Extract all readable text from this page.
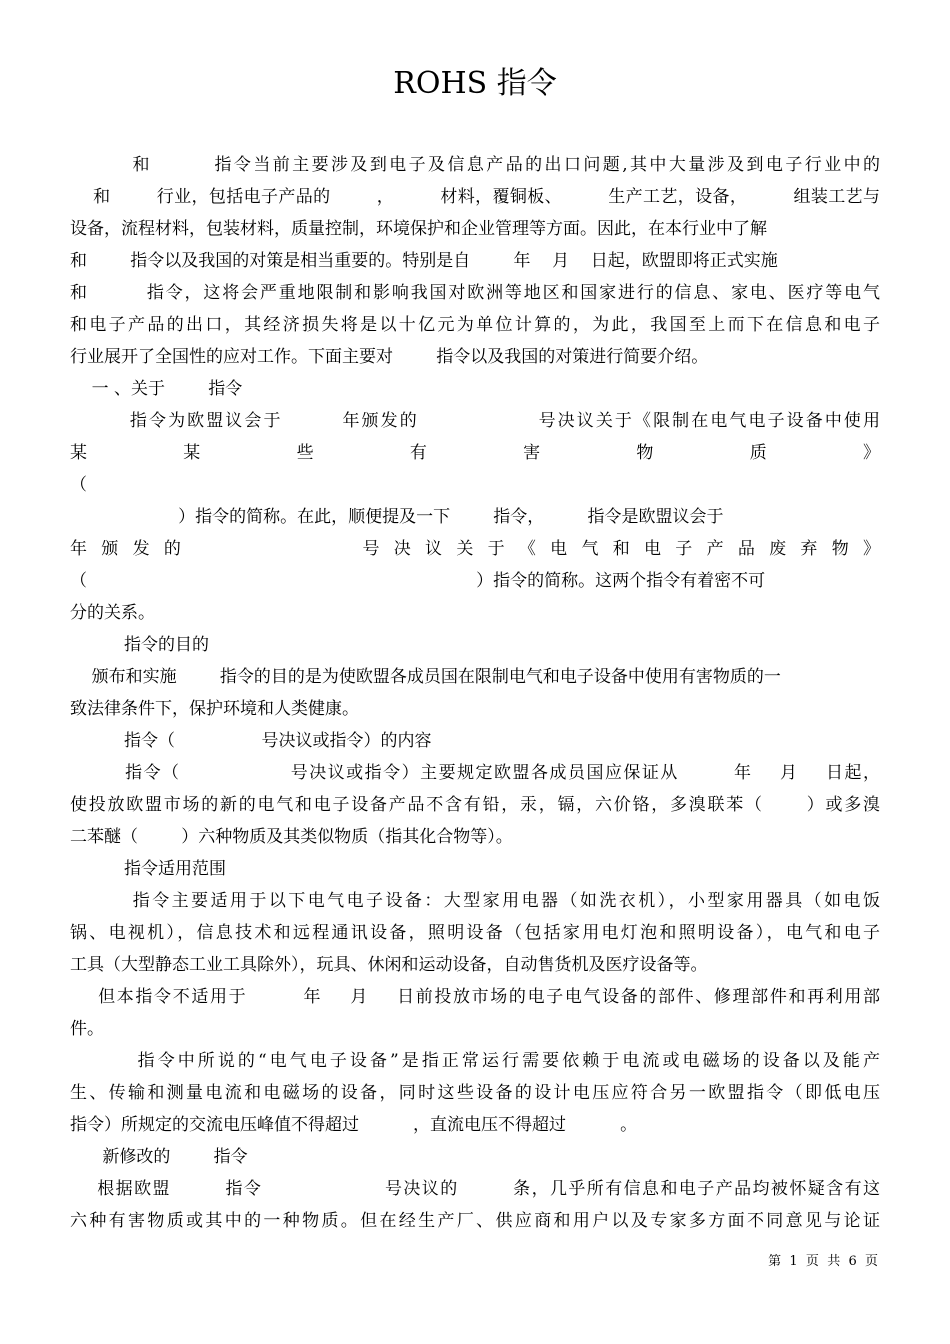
ROHS 指令
和        指令当前主要涉及到电子及信息产品的出口问题,其中大量涉及到电子行业中的
和        行业，包括电子产品的        ，        材料，覆铜板、        生产工艺，设备，        组装工艺与
设备，流程材料，包装材料，质量控制，环境保护和企业管理等方面。因此，在本行业中了解
和        指令以及我国的对策是相当重要的。特别是自        年    月    日起，欧盟即将正式实施
和        指令，这将会严重地限制和影响我国对欧洲等地区和国家进行的信息、家电、医疗等电气
和电子产品的出口，其经济损失将是以十亿元为单位计算的，为此，我国至上而下在信息和电子
行业展开了全国性的应对工作。下面主要对        指令以及我国的对策进行简要介绍。
一 、关于        指令
指令为欧盟议会于        年颁发的                号决议关于《限制在电气电子设备中使用
某 某 些 有 害 物 质 》
（
）指令的简称。在此，顺便提及一下        指令，        指令是欧盟议会于
年 颁 发 的                  号 决 议 关 于 《 电 气 和 电 子 产 品 废 弃 物 》
（                                                                        ）指令的简称。这两个指令有着密不可
分的关系。
指令的目的
颁布和实施        指令的目的是为使欧盟各成员国在限制电气和电子设备中使用有害物质的一
致法律条件下，保护环境和人类健康。
指令（                号决议或指令）的内容
指令（                号决议或指令）主要规定欧盟各成员国应保证从        年    月    日起，
使投放欧盟市场的新的电气和电子设备产品不含有铅，汞，镉，六价铬，多溴联苯（      ）或多溴
二苯醚（        ）六种物质及其类似物质（指其化合物等）。
指令适用范围
指令主要适用于以下电气电子设备：大型家用电器（如洗衣机），小型家用器具（如电饭
锅、电视机），信息技术和远程通讯设备，照明设备（包括家用电灯泡和照明设备），电气和电子
工具（大型静态工业工具除外），玩具、休闲和运动设备，自动售货机及医疗设备等。
但本指令不适用于        年    月    日前投放市场的电子电气设备的部件、修理部件和再利用部
件。
指令中所说的“电气电子设备”是指正常运行需要依赖于电流或电磁场的设备以及能产
生、传输和测量电流和电磁场的设备，同时这些设备的设计电压应符合另一欧盟指令（即低电压
指令）所规定的交流电压峰值不得超过          ，直流电压不得超过          。
新修改的        指令
根据欧盟        指令                  号决议的        条，几乎所有信息和电子产品均被怀疑含有这
六种有害物质或其中的一种物质。但在经生产厂、供应商和用户以及专家多方面不同意见与论证
第  1  页  共  6  页
